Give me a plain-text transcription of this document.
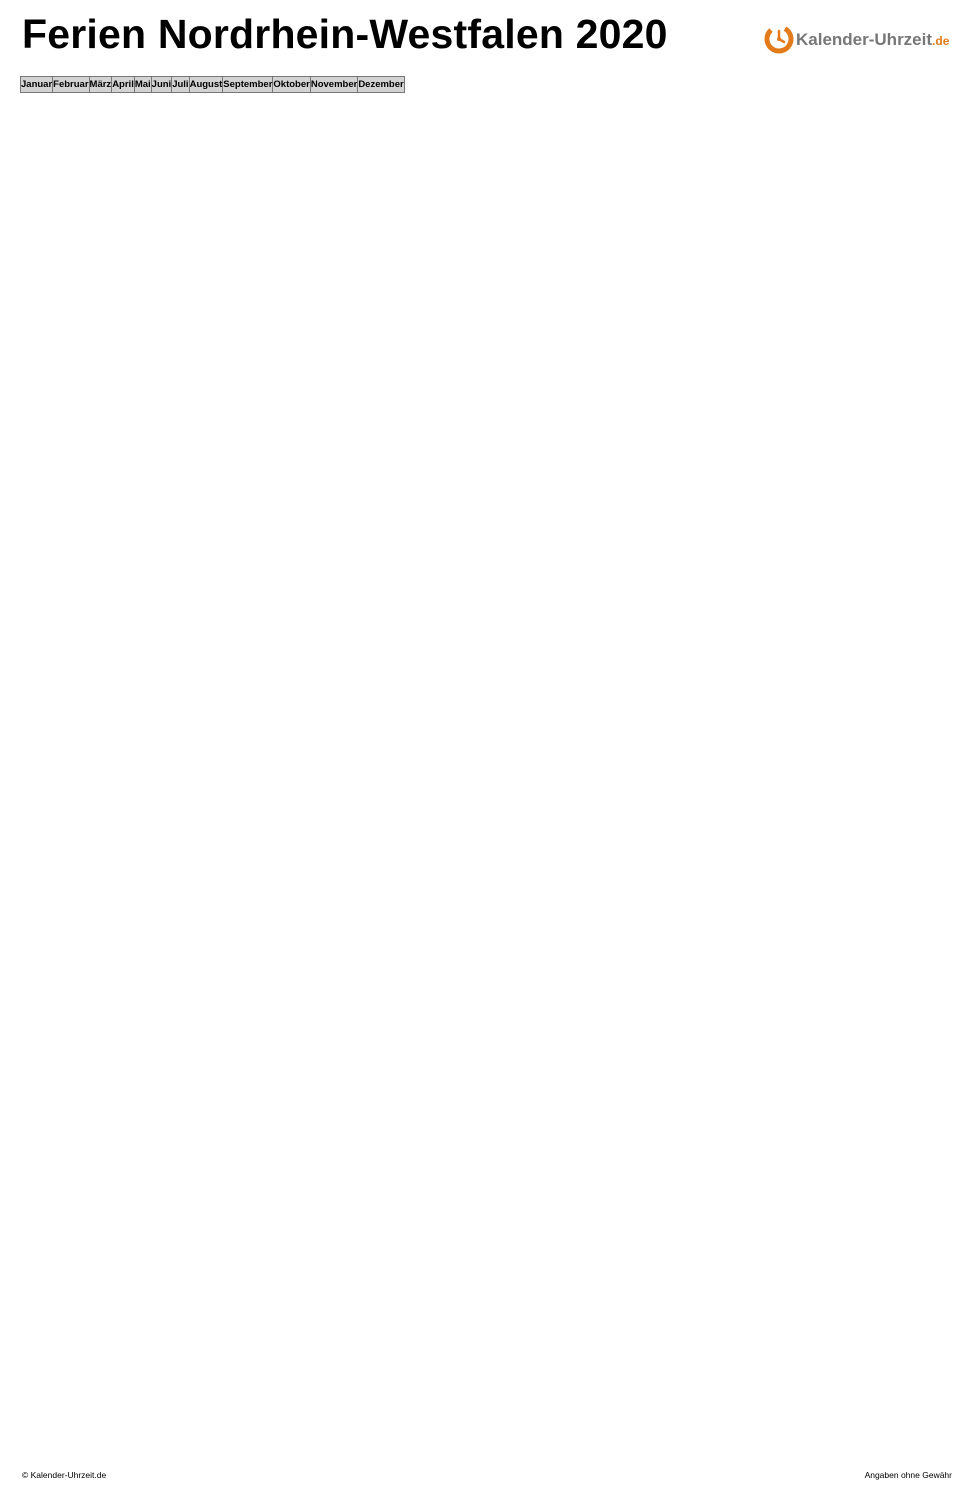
Ferien Nordrhein-Westfalen 2020	Kalender-Uhrzeit.de
Januar	Februar	März	April	Mai	Juni	Juli	August	September	Oktober	November	Dezember
© Kalender-Uhrzeit.de	Angaben ohne Gewähr
